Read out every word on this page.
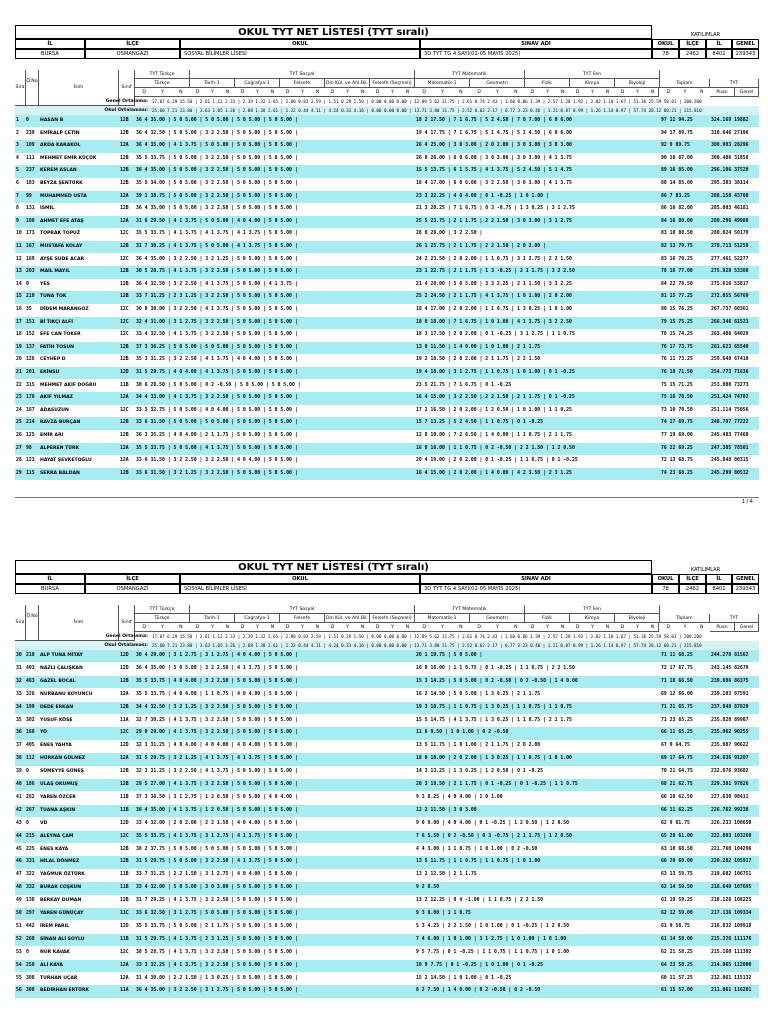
OKUL TYT NET LİSTESİ (TYT sıralı)	KATILIMLAR
İL	İLÇE	OKUL	SINAV ADI	OKUL	İLÇE	İL	GENEL
BURSA	OSMANGAZİ	SOSYAL BİLİMLER LİSESİ	3D TYT TG 4.SAYI(02-05 MAYIS 2025)	78	2462	8401	239343
Sıra
Ö.No
İsim	Sınıf
TYT Türkçe	TYT Sosyal	TYT Matematik	TYT Fen
Türkçe	Tarih-1	Coğrafya-1	Felsefe	Din Kül. ve Ahl.Bil. Felsefe (Seçmeli)	Matematik-1	Geometri	Fizik	Kimya	Biyoloji	Toplam	TYT
D	Y	N	D	Y	N	D	Y	N	D	Y	N	D	Y	N	D	Y	N	D	Y	N	D	Y	N	D	Y	N	D	Y	N	D	Y	N	D	Y	N	Puan	Genel
Genel Ortalama: 17.07 6.29 15.50 | 2.61 1.12 2.33 | 2.39 1.32 2.65 | 2.80 0.83 2.59 | 1.51 0.29 1.50 | 0.00 0.00 0.00 | 12.89 5.62 11.75 | 2.61 0.74 2.43 | 1.60 0.86 1.39 | 2.57 1.28 1.92 | 2.02 1.10 1.67 | 51.36 25.59 58.01 | 208.200
Okul Ortalaması: 25.60 7.21 23.80 | 3.63 1.05 3.26 | 2.88 1.38 2.61 | 1.22 0.44 4.11 | 4.24 0.33 4.16 | 0.00 0.00 0.00 | 13.71 3.80 11.75 | 2.52 0.62 2.17 | 0.77 3.23 0.46 | 1.21 0.87 0.99 | 1.26 1.14 0.97 | 57.74 28.12 60.21 | 215.810
1	0	HASAN B	12B	36 4 35.00 | 5 0 5.00 | 5 0 5.00 | 5 0 5.00 | 5 0 5.00 |	18 2 17.50 | 7 1 6.75 | 5 2 4.50 | 7 0 7.00 | 6 0 6.00	97 11 94.25	324.169 19882
2	239	EMİRALP ÇETİN	12B	36 4 32.50 | 5 0 5.00 | 3 2 2.50 | 5 0 5.00 | 5 0 5.00 |	19 4 17.75 | 7 1 6.75 | 5 1 4.75 | 5 2 4.50 | 6 0 6.00	94 17 89.75	310.646 27196
3	109	ARDA KARAKOL	12A	36 4 35.00 | 4 1 3.75 | 5 0 5.00 | 5 0 5.00 | 5 0 5.00 |	26 4 25.00 | 3 0 3.00 | 2 0 2.00 | 3 0 3.00 | 3 0 3.00	92 9 89.75	308.903 28296
4	111	MEHMET EMİR KÜÇÜK	12B	35 5 33.75 | 5 0 5.00 | 3 2 2.50 | 5 0 5.00 | 5 0 5.00 |	26 0 26.00 | 6 0 6.00 | 3 0 3.00 | 3 0 3.00 | 4 1 3.75	90 10 87.00	300.406 31858
5	237	KEREM ASLAN	12B	36 4 35.00 | 5 0 5.00 | 3 2 2.50 | 5 0 5.00 | 5 0 5.00 |	15 5 13.75 | 6 1 5.75 | 4 1 3.75 | 5 2 4.50 | 5 1 4.75	89 16 85.00	296.106 37520
6	183	BEYZA ŞENTÜRK	12B	35 5 34.00 | 5 0 5.00 | 3 2 2.50 | 5 0 5.00 | 5 0 5.00 |	18 4 17.00 | 6 0 6.00 | 3 2 2.50 | 3 0 3.00 | 4 1 3.75	88 14 85.00	295.303 38114
7	99	MUHAMMED USTA	12A	39 1 38.75 | 5 0 5.00 | 3 2 2.50 | 5 0 5.00 | 5 0 5.00 |	23 3 22.25 | 4 0 4.00 | 0 1 -0.25 | 1 0 1.00 |	86 7 83.25	288.158 43708
8	131	İSMİL	12B	36 4 35.00 | 5 0 5.00 | 3 2 2.50 | 5 0 5.00 | 5 0 5.00 |	21 3 20.25 | 7 1 6.75 | 0 3 -0.75 | 1 3 0.25 | 3 1 2.75	86 16 82.00	285.003 46181
9	100	AHMET EFE ATAŞ	12A	31 6 29.50 | 4 1 3.75 | 5 0 5.00 | 4 0 4.00 | 5 0 5.00 |	25 5 23.75 | 2 1 1.75 | 2 2 1.50 | 3 0 3.00 | 3 1 2.75	84 16 80.00	280.296 49988
10 173	TOPRAK TOPUZ	12C	35 5 33.75 | 4 1 3.75 | 4 1 3.75 | 4 1 3.75 | 5 0 5.00 |	28 0 28.00 | 3 2 2.50 |	83 10 80.50	280.024 50179
11 167	MUSTAFA KOLAY	12B	31 7 30.25 | 4 1 3.75 | 5 0 5.00 | 4 1 3.75 | 5 0 5.00 |	26 1 25.75 | 2 1 1.75 | 2 2 1.50 | 2 0 2.00 |	82 13 79.75	278.713 51259
12 169	AYŞE SUDE ACAR	12C	36 4 35.00 | 3 2 2.50 | 3 2 1.25 | 5 0 5.00 | 5 0 5.00 |	24 2 23.50 | 2 0 2.00 | 1 1 0.75 | 3 1 2.75 | 2 2 1.50	83 16 79.25	277.461 52277
13 203	MAİL MAYIL	12B	30 5 28.75 | 4 1 3.75 | 3 2 2.50 | 5 0 5.00 | 5 0 5.00 |	23 1 22.75 | 2 1 1.75 | 1 3 -0.25 | 2 1 1.75 | 3 2 2.50	78 16 77.00	275.928 53308
14 0	YES	12B	36 4 32.50 | 3 2 2.50 | 4 1 3.75 | 5 0 5.00 | 4 1 3.75 |	21 4 20.00 | 5 0 5.00 | 3 3 2.25 | 2 1 1.50 | 3 3 2.25	84 22 78.50	275.616 53817
15 210	TUNA TOK	12B	33 7 31.25 | 2 3 1.25 | 3 2 2.50 | 5 0 5.00 | 5 0 5.00 |	25 2 24.50 | 2 1 1.75 | 4 1 3.75 | 1 0 1.00 | 2 0 2.00	81 15 77.25	272.055 56769
16 35	DİDEM MARANGOZ	12C	30 0 30.00 | 3 2 2.50 | 4 1 3.75 | 5 0 5.00 | 5 0 5.00 |	18 4 17.00 | 2 0 2.00 | 1 1 0.75 | 1 3 0.25 | 1 0 1.00	80 15 76.25	267.737 60361
17 151	Bİ TIKÇI ALFİ	12C	32 4 31.00 | 3 1 2.75 | 3 2 2.50 | 5 0 5.00 | 5 0 5.00 |	18 0 18.00 | 7 1 6.75 | 1 0 1.00 | 4 1 3.75 | 3 2 2.50	79 15 75.25	266.346 61523
18 152	EFE CAN TOKER	12C	33 4 32.50 | 4 1 3.75 | 3 2 2.50 | 5 0 5.00 | 5 0 5.00 |	18 3 17.50 | 2 0 2.00 | 0 1 -0.25 | 3 1 2.75 | 1 1 0.75	78 15 74.25	263.406 64029
19 137	FATİH TOSUN	12B	37 3 36.25 | 5 0 5.00 | 5 0 5.00 | 5 0 5.00 | 5 0 5.00 |	13 0 11.50 | 1 4 0.00 | 1 0 1.00 | 2 1 1.75	76 17 73.75	261.623 65540
20 126	CEYHEP D	12B	35 3 31.25 | 3 2 2.50 | 4 1 3.75 | 4 0 4.00 | 5 0 5.00 |	19 2 18.50 | 2 0 2.00 | 2 1 1.75 | 2 2 1.50	76 11 73.25	259.648 67410
21 201	EKİNSU	12D	31 5 29.75 | 4 0 4.00 | 4 1 3.75 | 5 0 5.00 | 5 0 5.00 |	19 4 18.00 | 3 1 2.75 | 1 1 0.75 | 1 0 1.00 | 0 1 -0.25	76 18 71.50	254.773 71636
22 315	MEHMET AKİF DOĞRU	11B	30 6 28.50 | 5 0 5.00 | 0 2 -0.50 | 5 0 5.00 | 5 0 5.00 |	23 5 21.75 | 7 1 6.75 | 0 1 -0.25	75 15 71.25	253.008 73273
23 176	AKİF YILMAZ	12A	34 4 33.00 | 4 1 3.75 | 3 2 2.50 | 5 0 5.00 | 5 0 5.00 |	16 4 15.00 | 3 2 2.50 | 2 2 1.50 | 2 1 1.75 | 0 1 -0.25	75 16 70.50	251.424 74782
24 167	ADASUZUN	12C	33 3 32.75 | 5 0 5.00 | 4 0 4.00 | 5 0 5.00 | 5 0 5.00 |	17 2 16.50 | 2 0 2.00 | 1 2 0.50 | 1 0 1.00 | 1 1 0.25	73 10 70.50	251.114 75056
25 214	RAVZA BURÇAN	12B	33 6 31.50 | 5 0 5.00 | 5 0 5.00 | 5 0 5.00 | 5 0 5.00 |	15 7 13.25 | 5 2 4.50 | 1 1 0.75 | 0 1 -0.25	74 17 69.75	248.797 77222
26 125	EMİR ARI	12B	36 3 35.25 | 4 0 4.00 | 2 1 1.75 | 5 0 5.00 | 5 0 5.00 |	12 8 10.00 | 7 2 6.50 | 1 4 0.00 | 1 1 0.75 | 2 1 1.75	77 19 69.00	245.483 77460
27 98	ALPEREN TÜRK	12A	35 5 33.75 | 5 0 5.00 | 4 1 3.75 | 5 0 5.00 | 5 0 5.00 |	16 0 16.00 | 1 1 0.75 | 0 2 -0.50 | 2 2 1.50 | 1 2 0.50	76 22 69.25	247.305 78501
28 123	HAYAT ŞEVKETOĞLU	12A	33 6 31.50 | 3 2 2.50 | 3 2 2.50 | 4 0 4.00 | 5 0 5.00 |	20 4 19.00 | 2 0 2.00 | 0 1 -0.25 | 1 1 0.75 | 0 1 -0.25	72 13 68.75	245.848 80315
29 115	SERRA BALDAN	12B	33 6 31.50 | 3 2 1.25 | 3 2 2.50 | 5 0 5.00 | 5 0 5.00 |	16 4 15.00 | 2 0 2.00 | 1 4 0.00 | 4 2 3.50 | 2 3 1.25	74 23 68.25	245.299 80532
1 / 4
OKUL TYT NET LİSTESİ (TYT sıralı)	KATILIMLAR
İL	İLÇE	OKUL	SINAV ADI	OKUL	İLÇE	İL	GENEL
BURSA	OSMANGAZİ	SOSYAL BİLİMLER LİSESİ	3D TYT TG 4.SAYI(02-05 MAYIS 2025)	78	2462	8401	239343
Sıra
Ö.No
İsim	Sınıf
TYT Türkçe	TYT Sosyal	TYT Matematik	TYT Fen
Türkçe	Tarih-1	Coğrafya-1	Felsefe	Din Kül. ve Ahl.Bil. Felsefe (Seçmeli)	Matematik-1	Geometri	Fizik	Kimya	Biyoloji	Toplam	TYT
D	Y	N	D	Y	N	D	Y	N	D	Y	N	D	Y	N	D	Y	N	D	Y	N	D	Y	N	D	Y	N	D	Y	N	D	Y	N	D	Y	N	Puan	Genel
Genel Ortalama: 17.07 6.29 15.50 | 2.61 1.12 2.33 | 2.39 1.32 2.65 | 2.80 0.83 2.59 | 1.51 0.29 1.50 | 0.00 0.00 0.00 | 12.89 5.62 11.75 | 2.61 0.74 2.43 | 1.60 0.86 1.39 | 2.57 1.28 1.92 | 2.02 1.10 1.67 | 51.36 25.59 58.01 | 208.200
Okul Ortalaması: 25.60 7.21 23.80 | 3.63 1.05 3.26 | 2.88 1.38 2.61 | 1.22 0.44 4.11 | 4.24 0.33 4.16 | 0.00 0.00 0.00 | 13.71 3.80 11.75 | 2.52 0.62 2.17 | 0.77 3.23 0.46 | 1.21 0.87 0.99 | 1.26 1.14 0.97 | 57.74 28.12 60.21 | 215.810
30 210	ALP TUNA MİTAY	12D	30 4 29.00 | 3 1 2.75 | 3 1 2.75 | 4 0 4.00 | 5 0 5.00 |	20 1 19.75 | 5 0 5.00 |	71 11 68.25	244.278 81562
31 403	NAZLI ÇALIŞKAN	12D	36 4 35.00 | 5 0 5.00 | 3 2 2.50 | 4 1 3.75 | 5 0 5.00 |	16 0 16.00 | 1 1 0.75 | 0 1 -0.25 | 1 1 0.75 | 2 2 1.50	72 17 67.75	243.145 82679
32 463	GAZEL BOCAL	12B	35 5 33.75 | 4 0 4.00 | 3 2 2.50 | 5 0 5.00 | 5 0 5.00 |	15 3 14.25 | 5 0 5.00 | 0 2 -0.50 | 0 2 -0.50 | 1 4 0.00	71 18 66.50	239.886 86375
33 326	NURBANU KOYUNCU	12A	35 5 33.75 | 4 0 4.00 | 1 1 0.75 | 4 0 4.00 | 5 0 5.00 |	16 2 14.50 | 5 0 5.00 | 1 3 0.25 | 2 1 1.75	69 12 66.00	239.103 87591
34 199	DEDE ERKAN	12B	34 4 32.50 | 3 2 1.25 | 3 2 2.50 | 5 0 5.00 | 5 0 5.00 |	19 3 18.75 | 1 1 0.75 | 1 3 0.25 | 1 1 0.75 | 1 1 0.75	71 21 65.75	237.848 87829
35 302	YUSUF KÖSE	11A	32 7 30.25 | 4 1 3.75 | 3 2 2.50 | 5 0 5.00 | 5 0 5.00 |	15 5 14.75 | 4 1 3.75 | 1 3 0.25 | 1 1 0.75 | 2 1 1.75	71 23 65.25	235.820 89907
36 168	YÖ	12C	29 0 29.00 | 4 1 3.75 | 3 2 2.50 | 5 0 5.00 | 5 0 5.00 |	11 6 9.50 | 1 0 1.00 | 0 2 -0.50	66 11 65.25	235.962 90255
37 405	ENES YAHYA	12D	32 3 31.25 | 4 0 4.00 | 4 0 4.00 | 4 0 4.00 | 5 0 5.00 |	13 5 11.75 | 1 0 1.00 | 2 1 1.75 | 2 0 2.00	67 9 64.75	235.087 90622
38 112	HÜRKAN GÜLMEZ	12A	31 5 29.75 | 3 2 1.25 | 4 1 3.75 | 4 1 3.75 | 5 0 5.00 |	18 0 18.00 | 2 0 2.00 | 1 3 0.25 | 1 1 0.75 | 1 0 1.00	69 17 64.75	234.636 91207
39 0	SÜMEYYE GÜNEŞ	12B	32 3 31.25 | 3 2 2.50 | 4 1 3.75 | 5 0 5.00 | 5 0 5.00 |	14 3 13.25 | 1 3 0.25 | 1 2 0.50 | 0 1 -0.25	70 21 64.75	232.676 93682
40 186	ULAŞ OKUMUŞ	12B	29 5 27.00 | 4 1 3.75 | 3 2 2.50 | 5 0 5.00 | 5 0 5.00 |	20 3 19.50 | 2 1 1.75 | 0 1 -0.25 | 0 1 -0.25 | 1 1 0.75	68 21 62.75	229.381 97826
41 262	YAREN ÖZCER	11B	37 3 36.50 | 3 1 2.75 | 1 2 0.50 | 5 0 5.00 | 4 0 4.00 |	9 3 8.25 | 4 0 4.00 | 1 0 1.00	66 10 62.50	227.630 98411
42 267	TUANA AŞKIN	11B	36 4 35.00 | 4 1 3.75 | 1 2 0.50 | 5 0 5.00 | 5 0 5.00 |	12 2 11.50 | 3 0 3.00	66 11 62.25	226.762 99238
43 0	VD	12D	33 4 32.00 | 2 0 2.00 | 2 2 1.50 | 4 0 4.00 | 5 0 5.00 |	9 0 9.00 | 4 0 4.00 | 0 1 -0.25 | 1 2 0.50 | 1 2 0.50	62 9 61.75	226.233 100650
44 215	ALEYNA ÇAM	12C	35 5 33.75 | 4 1 3.75 | 3 1 2.75 | 4 1 3.75 | 5 0 5.00 |	7 6 5.50 | 0 2 -0.50 | 0 3 -0.75 | 2 1 1.75 | 1 2 0.50	65 20 61.00	222.803 103269
45 225	ENES KAYA	12B	38 2 37.75 | 5 0 5.00 | 5 0 5.00 | 5 0 5.00 | 5 0 5.00 |	4 4 3.00 | 1 1 0.75 | 1 0 1.00 | 0 2 -0.50	63 10 60.50	221.760 104296
46 331	HİLAL DÖNMEZ	12B	31 5 29.75 | 5 0 5.00 | 3 2 2.50 | 4 1 3.75 | 5 0 5.00 |	13 5 11.75 | 1 1 0.75 | 1 1 0.75 | 1 0 1.00	66 20 60.00	220.282 105917
47 322	YAĞMUR ÖZTÜRK	11B	33 7 31.25 | 2 2 1.50 | 3 1 2.75 | 4 0 4.00 | 5 0 5.00 |	13 2 12.50 | 2 1 1.75	63 13 59.75	219.682 106751
48 332	BURAK COŞKUN	11B	33 4 32.00 | 5 0 5.00 | 3 0 3.00 | 5 0 5.00 | 5 0 5.00 |	9 2 8.50	62 14 59.50	218.640 107695
49 138	BERKAY DUMAN	12B	31 7 29.25 | 4 1 3.75 | 3 2 2.50 | 5 0 5.00 | 5 0 5.00 |	13 2 12.25 | 0 4 -1.00 | 1 1 0.75 | 2 2 1.50	61 19 59.25	218.126 108225
50 297	YAREN GÜNÜÇAY	11C	33 6 32.50 | 3 1 2.75 | 5 0 5.00 | 5 0 5.00 | 5 0 5.00 |	9 3 8.00 | 1 1 0.75	62 12 59.00	217.136 109334
51 442	İREM PARIL	12D	35 5 33.75 | 5 0 5.00 | 2 1 1.75 | 5 0 5.00 | 5 0 5.00 |	5 3 4.25 | 2 2 1.50 | 1 0 1.00 | 0 1 -0.25 | 1 2 0.50	61 9 58.75	216.832 109918
52 260	SİNAN ALİ SOYLU	11B	31 5 29.75 | 4 1 3.75 | 2 3 1.25 | 5 0 5.00 | 5 0 5.00 |	7 4 6.00 | 1 0 1.00 | 3 1 2.75 | 1 0 1.00 | 1 0 1.00	61 14 58.00	215.326 111176
53 0	NUR KAVAK	12C	30 5 28.75 | 4 1 3.75 | 3 2 2.50 | 5 0 5.00 | 5 0 5.00 |	9 5 7.75 | 0 1 -0.25 | 1 1 0.75 | 1 1 0.75 | 1 0 1.00	62 21 58.25	215.160 111392
54 250	ALİ KAYA	12A	33 3 32.25 | 4 1 3.75 | 3 2 2.50 | 5 0 5.00 | 5 0 5.00 |	10 9 7.75 | 0 1 -0.25 | 1 0 1.00 | 0 1 -0.25	64 23 58.25	214.965 112000
55 308	TURHAN UÇAR	12A	31 4 30.00 | 2 2 1.50 | 1 3 0.25 | 5 0 5.00 | 5 0 5.00 |	15 2 14.50 | 1 0 1.00 | 0 1 -0.25	60 11 57.25	212.061 115132
56 308	BEDİRHAN ERTÜRK	11A	36 4 35.00 | 3 2 2.50 | 3 1 2.75 | 5 0 5.00 | 5 0 5.00 |	8 2 7.50 | 1 4 0.00 | 0 2 -0.50 | 0 2 -0.50	61 15 57.00	211.061 116201
